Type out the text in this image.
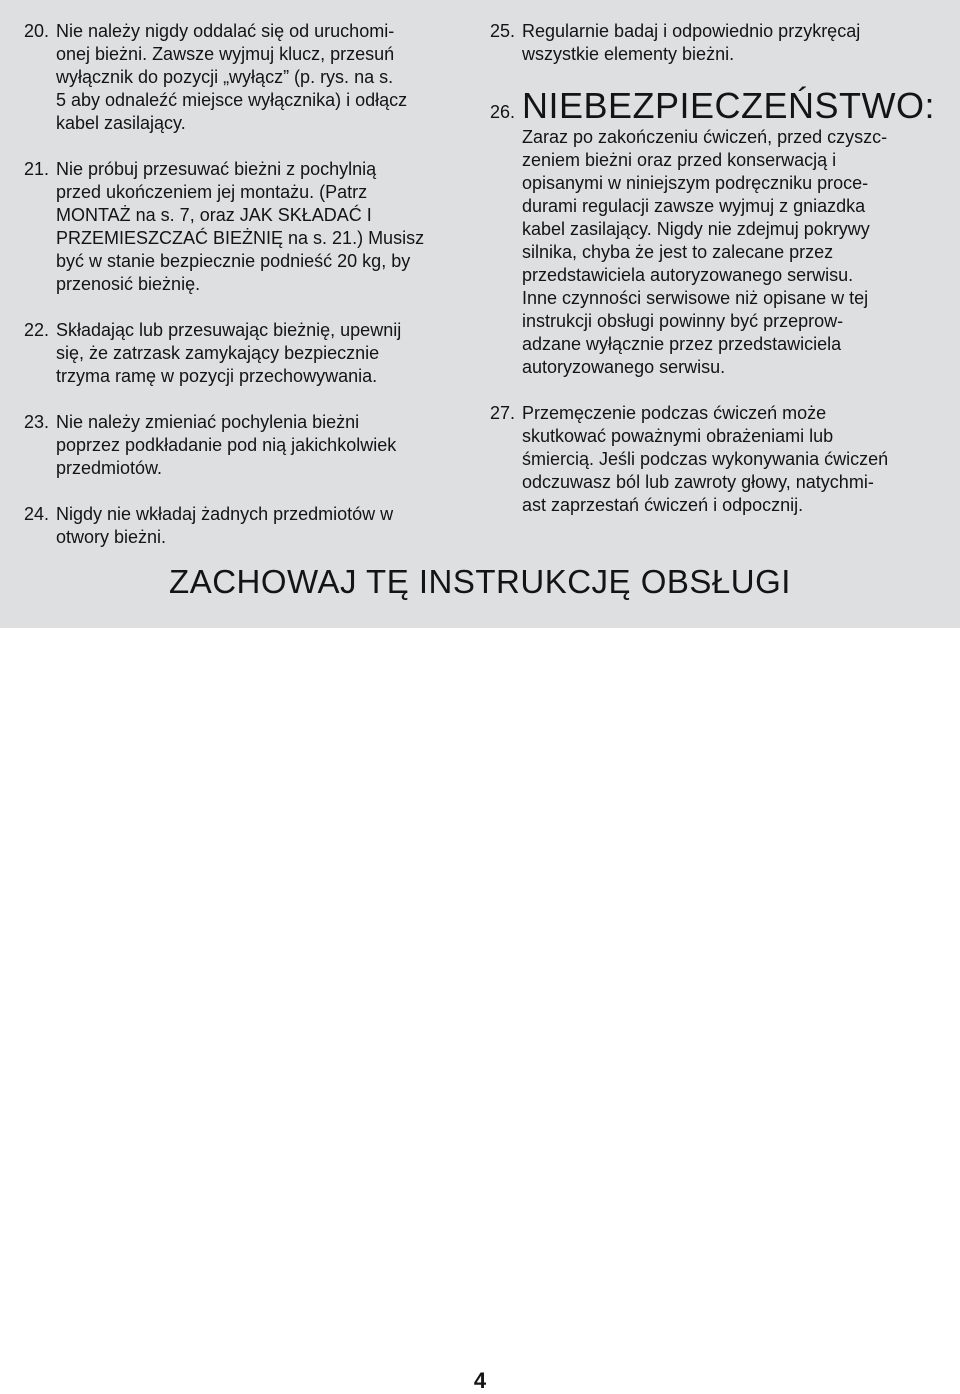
20. Nie należy nigdy oddalać się od uruchomi-
onej bieżni. Zawsze wyjmuj klucz, przesuń
wyłącznik do pozycji „wyłącz” (p. rys. na s.
5 aby odnaleźć miejsce wyłącznika) i odłącz
kabel zasilający.
21. Nie próbuj przesuwać bieżni z pochylnią
przed ukończeniem jej montażu. (Patrz
MONTAŻ na s. 7, oraz JAK SKŁADAĆ I
PRZEMIESZCZAĆ BIEŻNIĘ na s. 21.) Musisz
być w stanie bezpiecznie podnieść 20 kg, by
przenosić bieżnię.
22. Składając lub przesuwając bieżnię, upewnij
się, że zatrzask zamykający bezpiecznie
trzyma ramę w pozycji przechowywania.
23. Nie należy zmieniać pochylenia bieżni
poprzez podkładanie pod nią jakichkolwiek
przedmiotów.
24. Nigdy nie wkładaj żadnych przedmiotów w
otwory bieżni.
25. Regularnie badaj i odpowiednio przykręcaj
wszystkie elementy bieżni.
26. NIEBEZPIECZEŃSTWO:
Zaraz po zakończeniu ćwiczeń, przed czyszc-
zeniem bieżni oraz przed konserwacją i
opisanymi w niniejszym podręczniku proce-
durami regulacji zawsze wyjmuj z gniazdka
kabel zasilający. Nigdy nie zdejmuj pokrywy
silnika, chyba że jest to zalecane przez
przedstawiciela autoryzowanego serwisu.
Inne czynności serwisowe niż opisane w tej
instrukcji obsługi powinny być przeprow-
adzane wyłącznie przez przedstawiciela
autoryzowanego serwisu.
27. Przemęczenie podczas ćwiczeń może
skutkować poważnymi obrażeniami lub
śmiercią. Jeśli podczas wykonywania ćwiczeń
odczuwasz ból lub zawroty głowy, natychmi-
ast zaprzestań ćwiczeń i odpocznij.
ZACHOWAJ TĘ INSTRUKCJĘ OBSŁUGI
4
